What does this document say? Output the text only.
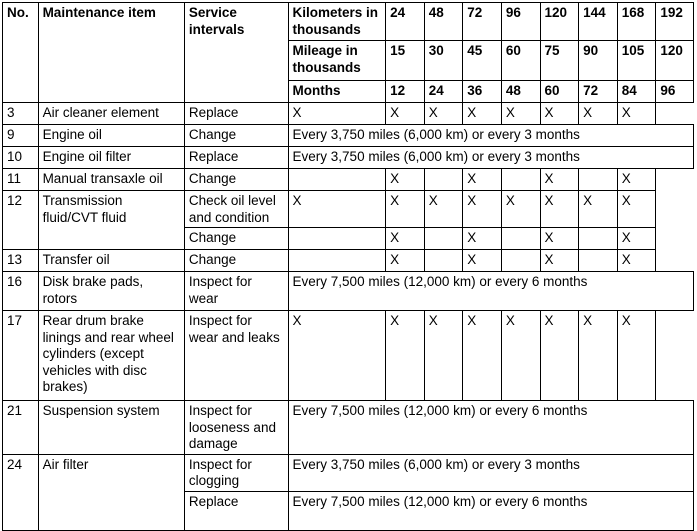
No.	Maintenance item	Service intervals	Kilometers in thousands	24	48	72	96	120	144	168	192
			Mileage in thousands	15	30	45	60	75	90	105	120
			Months	12	24	36	48	60	72	84	96
3	Air cleaner element	Replace	X	X	X	X	X	X	X	X	
9	Engine oil	Change	Every 3,750 miles (6,000 km) or every 3 months								
10	Engine oil filter	Replace	Every 3,750 miles (6,000 km) or every 3 months								
11	Manual transaxle oil	Change		X		X		X		X	
12	Transmission fluid/CVT fluid	Check oil level and condition	X	X	X	X	X	X	X	X	
		Change		X		X		X		X	
13	Transfer oil	Change		X		X		X		X	
16	Disk brake pads, rotors	Inspect for wear	Every 7,500 miles (12,000 km) or every 6 months								
17	Rear drum brake linings and rear wheel cylinders (except vehicles with disc brakes)	Inspect for wear and leaks	X	X	X	X	X	X	X	X	
21	Suspension system	Inspect for looseness and damage	Every 7,500 miles (12,000 km) or every 6 months								
24	Air filter	Inspect for clogging	Every 3,750 miles (6,000 km) or every 3 months								
		Replace	Every 7,500 miles (12,000 km) or every 6 months								
